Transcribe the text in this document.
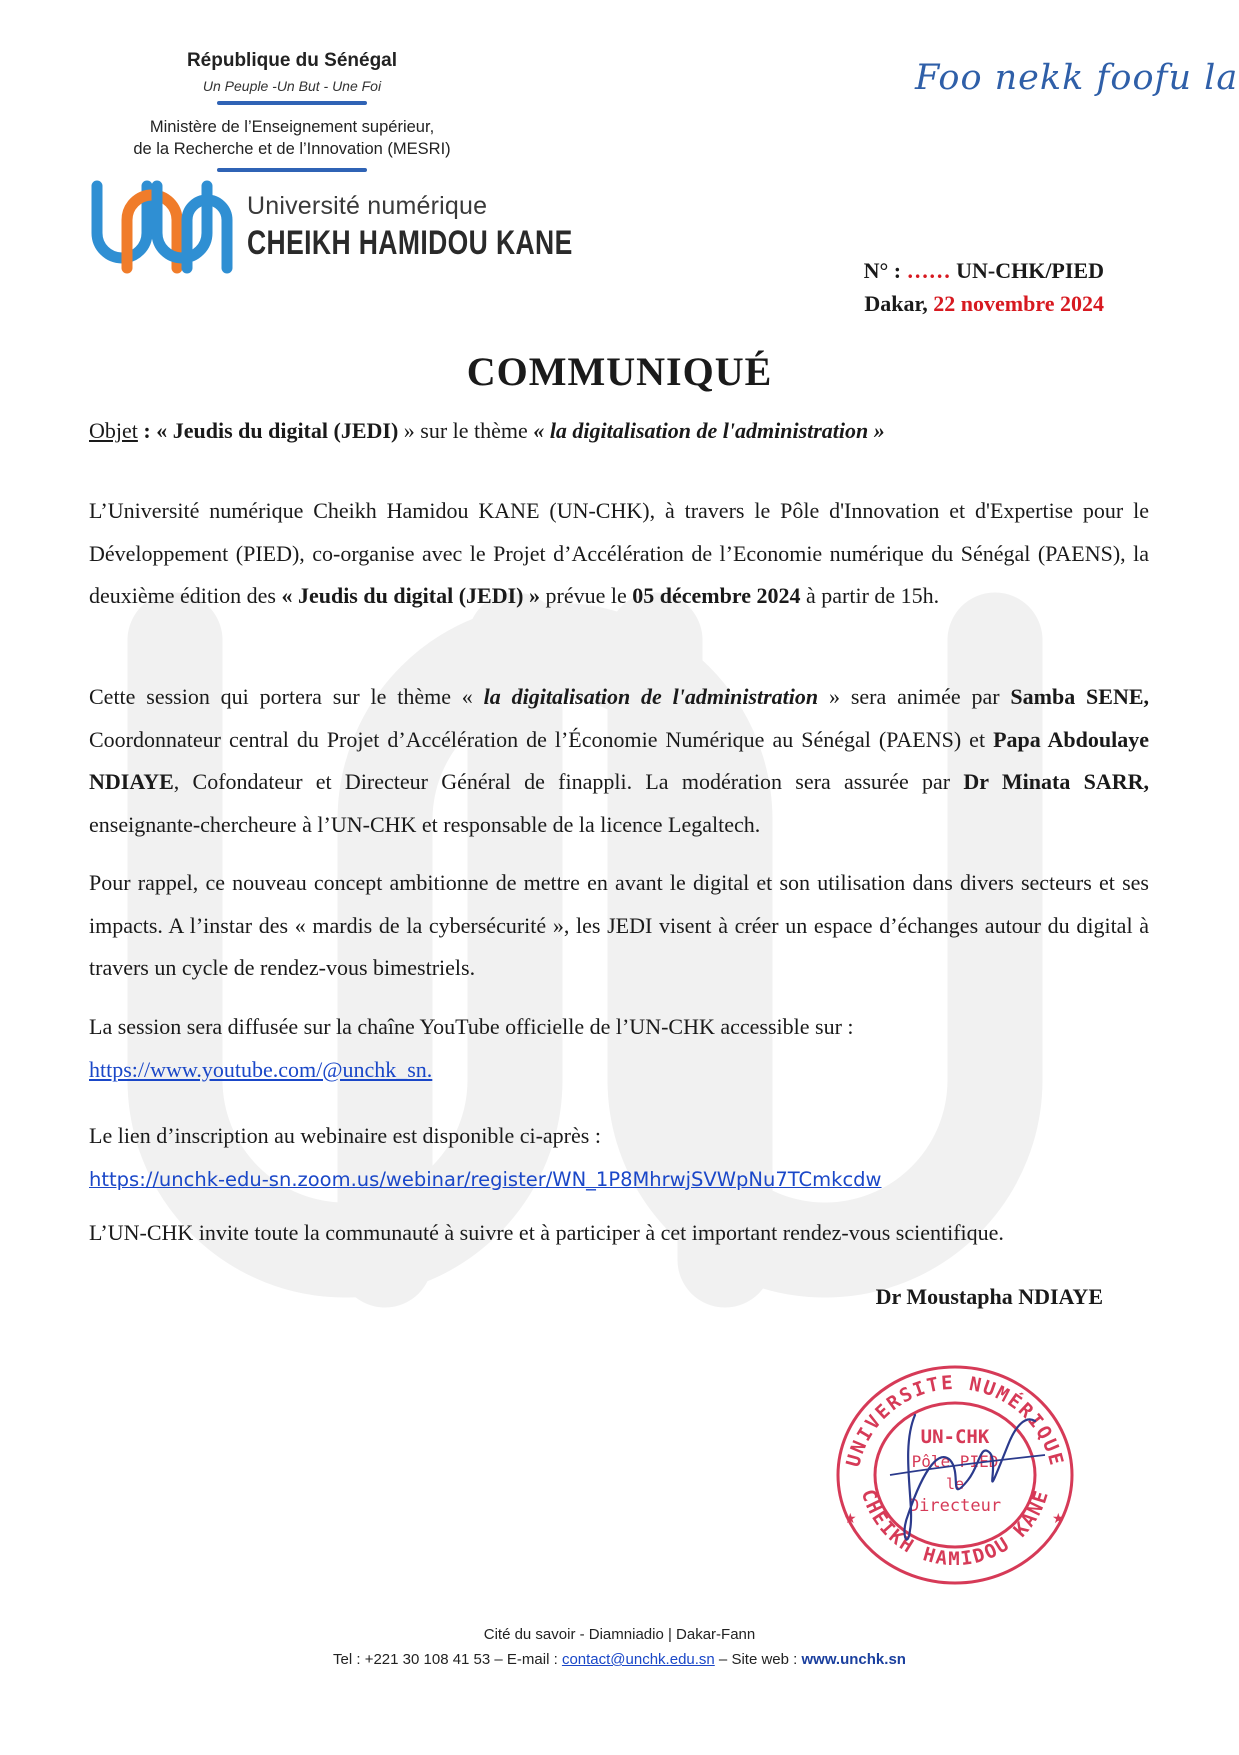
République du Sénégal
Un Peuple -Un But - Une Foi
Ministère de l’Enseignement supérieur,
de la Recherche et de l’Innovation (MESRI)
Université numérique
CHEIKH HAMIDOU KANE
Foo nekk foofu la
N° : …… UN-CHK/PIED
Dakar, 22 novembre 2024
COMMUNIQUÉ
Objet : « Jeudis du digital (JEDI) » sur le thème « la digitalisation de l'administration »

L’Université numérique Cheikh Hamidou KANE (UN-CHK), à travers le Pôle d'Innovation et d'Expertise pour le Développement (PIED), co-organise avec le Projet d’Accélération de l’Economie numérique du Sénégal (PAENS), la deuxième édition des « Jeudis du digital (JEDI) » prévue le 05 décembre 2024 à partir de 15h.

Cette session qui portera sur le thème « la digitalisation de l'administration » sera animée par Samba SENE, Coordonnateur central du Projet d’Accélération de l’Économie Numérique au Sénégal (PAENS) et Papa Abdoulaye NDIAYE, Cofondateur et Directeur Général de finappli. La modération sera assurée par Dr Minata SARR, enseignante-chercheure à l’UN-CHK et responsable de la licence Legaltech.

Pour rappel, ce nouveau concept ambitionne de mettre en avant le digital et son utilisation dans divers secteurs et ses impacts. A l’instar des « mardis de la cybersécurité », les JEDI visent à créer un espace d’échanges autour du digital à travers un cycle de rendez-vous bimestriels.

La session sera diffusée sur la chaîne YouTube officielle de l’UN-CHK accessible sur :
https://www.youtube.com/@unchk_sn.

Le lien d’inscription au webinaire est disponible ci-après :
https://unchk-edu-sn.zoom.us/webinar/register/WN_1P8MhrwjSVWpNu7TCmkcdw

L’UN-CHK invite toute la communauté à suivre et à participer à cet important rendez-vous scientifique.

Dr Moustapha NDIAYE
UNIVERSITE NUMÉRIQUE
CHEIKH HAMIDOU KANE
UN-CHK
Pôle PIED
le
Directeur
★	★
Cité du savoir - Diamniadio | Dakar-Fann
Tel : +221 30 108 41 53 – E-mail : contact@unchk.edu.sn – Site web : www.unchk.sn
